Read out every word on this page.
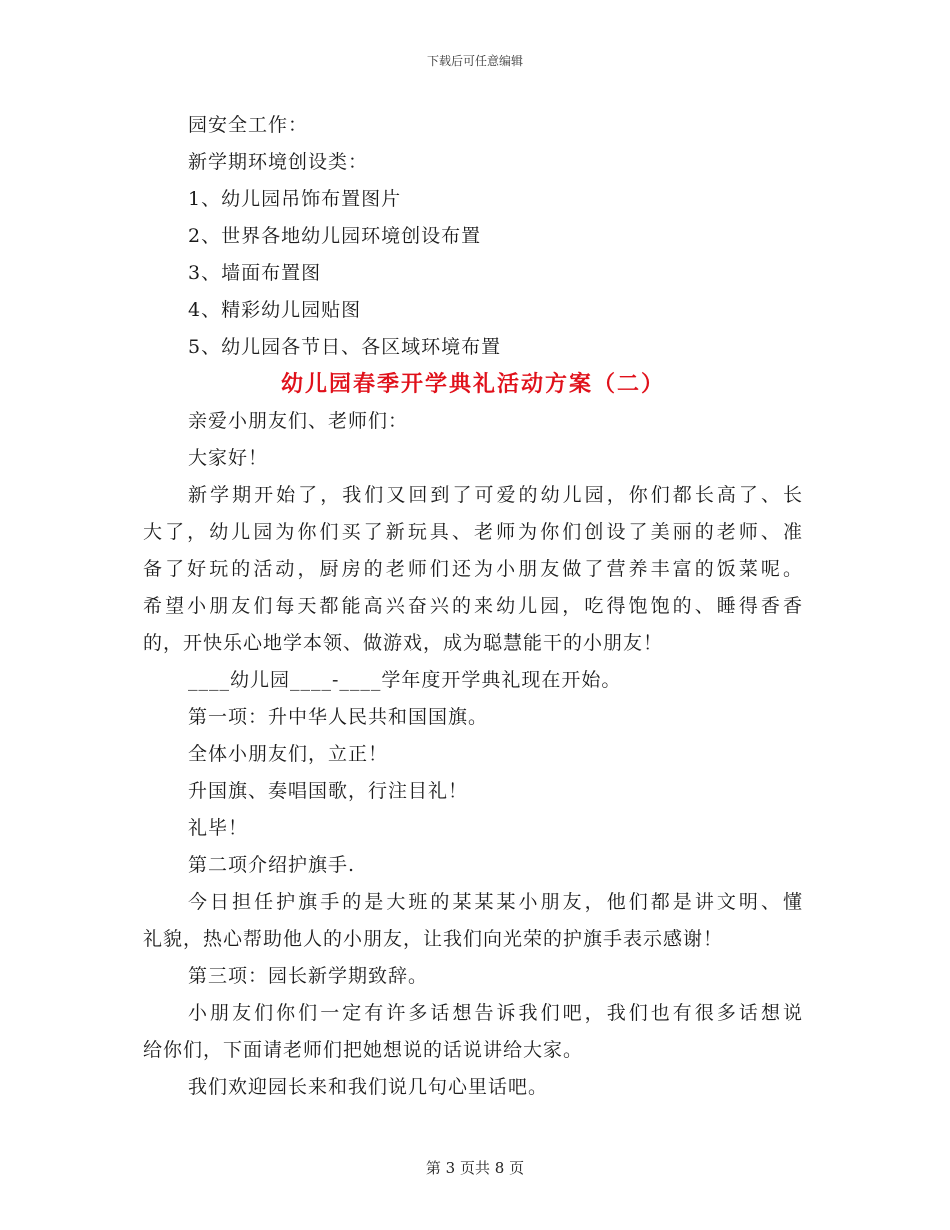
下载后可任意编辑
园安全工作：
新学期环境创设类：
1、幼儿园吊饰布置图片
2、世界各地幼儿园环境创设布置
3、墙面布置图
4、精彩幼儿园贴图
5、幼儿园各节日、各区域环境布置
幼儿园春季开学典礼活动方案（二）
亲爱小朋友们、老师们：
大家好！
新学期开始了，我们又回到了可爱的幼儿园，你们都长高了、长
大了，幼儿园为你们买了新玩具、老师为你们创设了美丽的老师、准
备了好玩的活动，厨房的老师们还为小朋友做了营养丰富的饭菜呢。
希望小朋友们每天都能高兴奋兴的来幼儿园，吃得饱饱的、睡得香香
的，开快乐心地学本领、做游戏，成为聪慧能干的小朋友！
____幼儿园____-____学年度开学典礼现在开始。
第一项：升中华人民共和国国旗。
全体小朋友们，立正！
升国旗、奏唱国歌，行注目礼！
礼毕！
第二项介绍护旗手.
今日担任护旗手的是大班的某某某小朋友，他们都是讲文明、懂
礼貌，热心帮助他人的小朋友，让我们向光荣的护旗手表示感谢！
第三项：园长新学期致辞。
小朋友们你们一定有许多话想告诉我们吧，我们也有很多话想说
给你们，下面请老师们把她想说的话说讲给大家。
我们欢迎园长来和我们说几句心里话吧。
第 3 页共 8 页
